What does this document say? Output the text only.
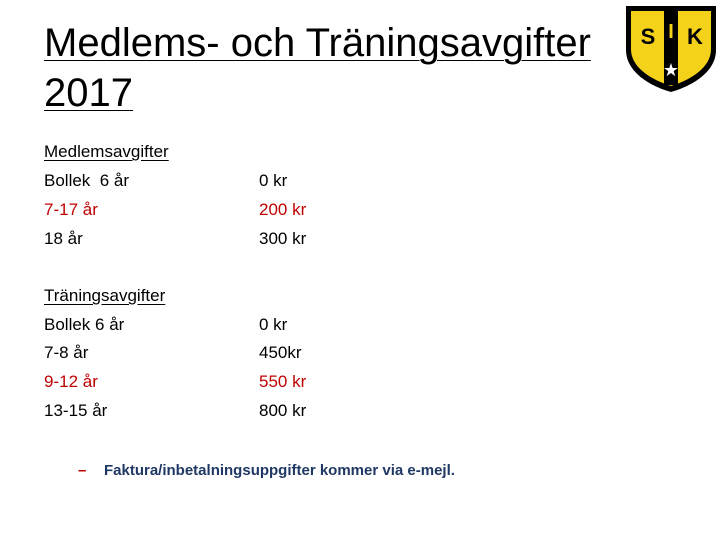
Medlems- och Träningsavgifter 2017
S I K
★
Medlemsavgifter
Bollek  6 år	0 kr
7-17 år	200 kr
18 år	300 kr
Träningsavgifter
Bollek 6 år	0 kr
7-8 år	450kr
9-12 år	550 kr
13-15 år	800 kr
– Faktura/inbetalningsuppgifter kommer via e-mejl.
